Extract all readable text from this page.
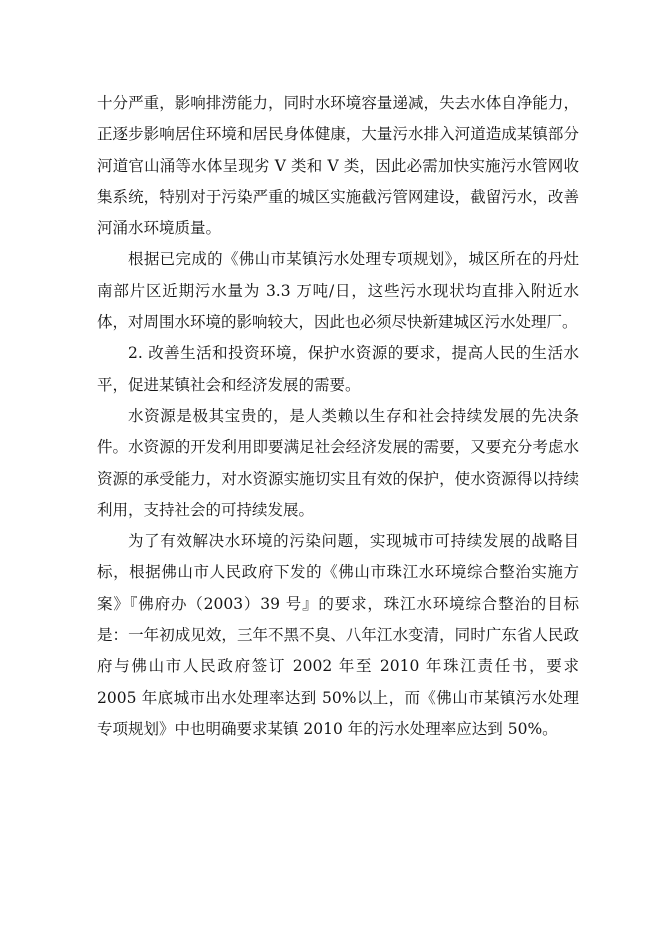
十分严重，影响排涝能力，同时水环境容量递减，失去水体自净能力，正逐步影响居住环境和居民身体健康，大量污水排入河道造成某镇部分河道官山涌等水体呈现劣 V 类和 V 类，因此必需加快实施污水管网收集系统，特别对于污染严重的城区实施截污管网建设，截留污水，改善河涌水环境质量。

根据已完成的《佛山市某镇污水处理专项规划》，城区所在的丹灶南部片区近期污水量为 3.3 万吨/日，这些污水现状均直排入附近水体，对周围水环境的影响较大，因此也必须尽快新建城区污水处理厂。

2. 改善生活和投资环境，保护水资源的要求，提高人民的生活水平，促进某镇社会和经济发展的需要。

水资源是极其宝贵的，是人类赖以生存和社会持续发展的先决条件。水资源的开发利用即要满足社会经济发展的需要，又要充分考虑水资源的承受能力，对水资源实施切实且有效的保护，使水资源得以持续利用，支持社会的可持续发展。

为了有效解决水环境的污染问题，实现城市可持续发展的战略目标，根据佛山市人民政府下发的《佛山市珠江水环境综合整治实施方案》『佛府办（2003）39 号』的要求，珠江水环境综合整治的目标是：一年初成见效，三年不黑不臭、八年江水变清，同时广东省人民政府与佛山市人民政府签订 2002 年至 2010 年珠江责任书，要求 2005 年底城市出水处理率达到 50%以上，而《佛山市某镇污水处理专项规划》中也明确要求某镇 2010 年的污水处理率应达到 50%。
